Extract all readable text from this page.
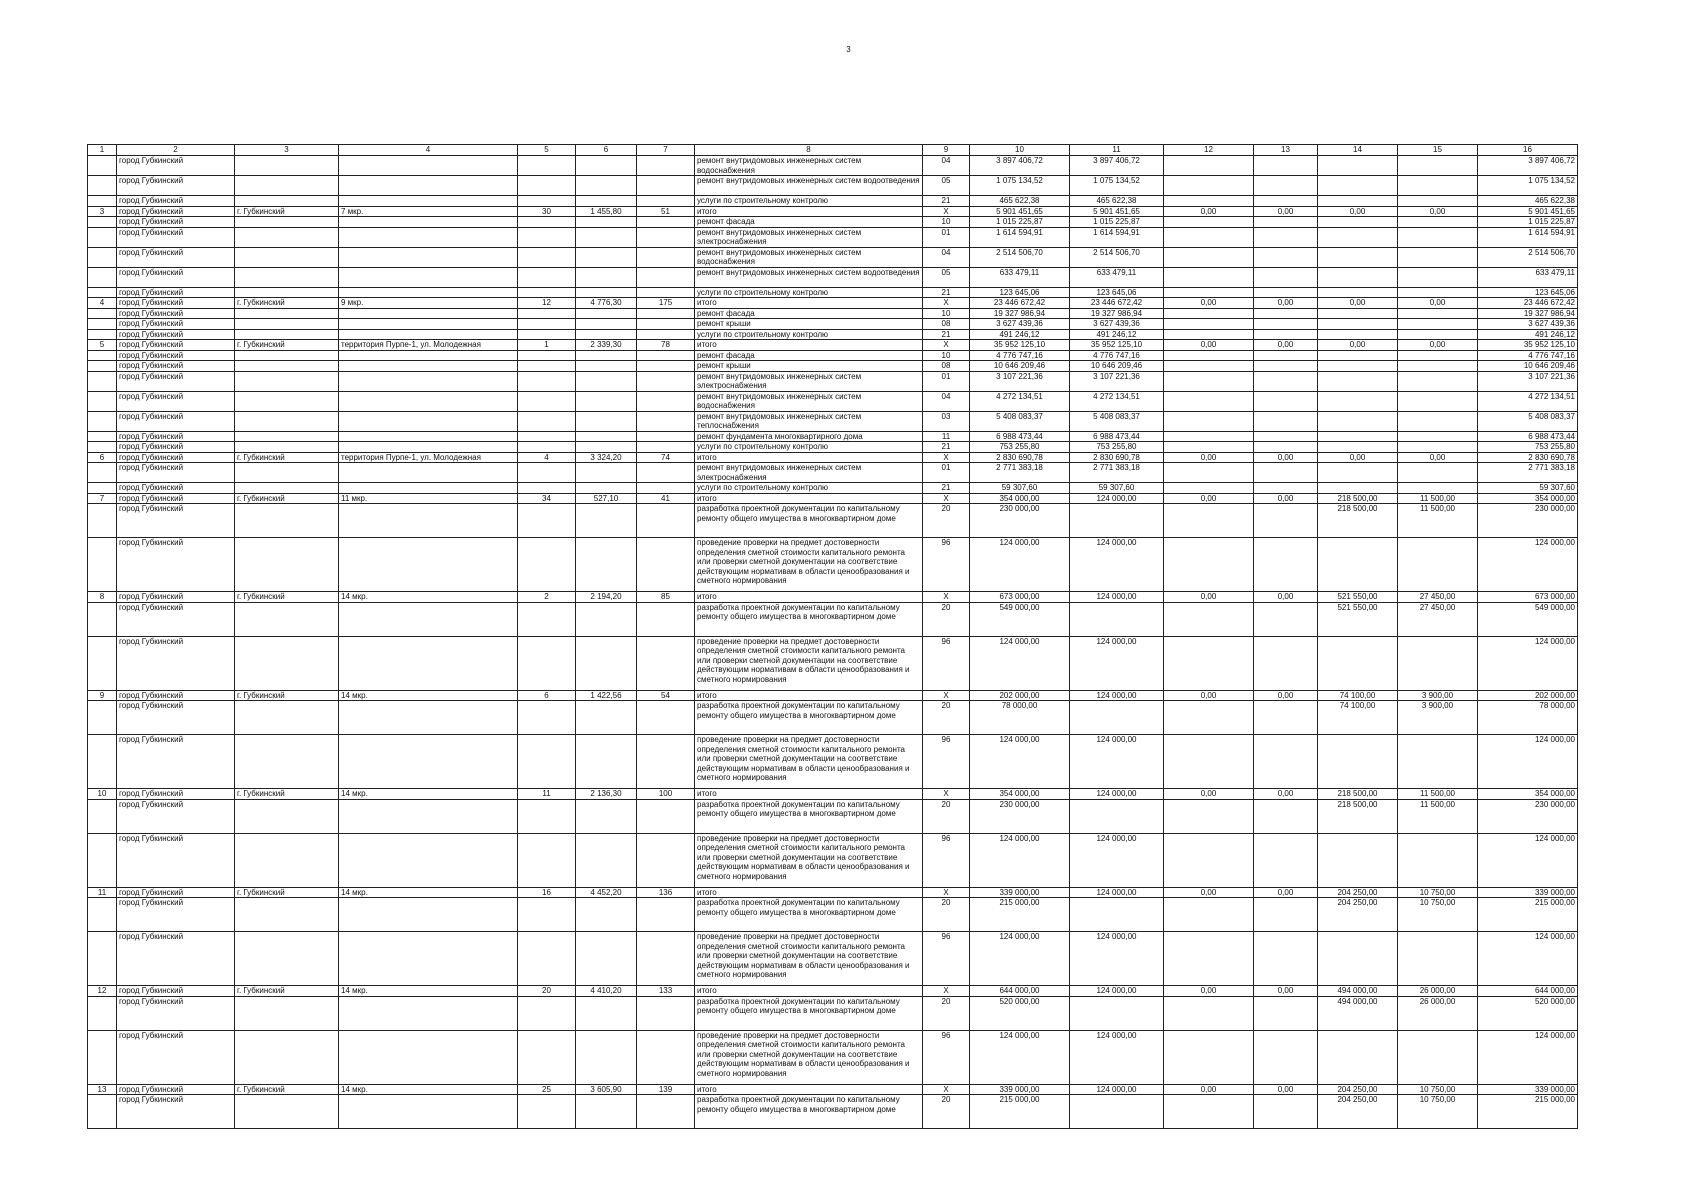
3
1	2	3	4	5	6	7	8	9	10	11	12	13	14	15	16
	город Губкинский						ремонт внутридомовых инженерных систем водоснабжения	04	3 897 406,72	3 897 406,72					3 897 406,72
	город Губкинский						ремонт внутридомовых инженерных систем водоотведения	05	1 075 134,52	1 075 134,52					1 075 134,52
	город Губкинский						услуги по строительному контролю	21	465 622,38	465 622,38					465 622,38
3	город Губкинский	г. Губкинский	7 мкр.	30	1 455,80	51	итого	X	5 901 451,65	5 901 451,65	0,00	0,00	0,00	0,00	5 901 451,65
	город Губкинский						ремонт фасада	10	1 015 225,87	1 015 225,87					1 015 225,87
	город Губкинский						ремонт внутридомовых инженерных систем электроснабжения	01	1 614 594,91	1 614 594,91					1 614 594,91
	город Губкинский						ремонт внутридомовых инженерных систем водоснабжения	04	2 514 506,70	2 514 506,70					2 514 506,70
	город Губкинский						ремонт внутридомовых инженерных систем водоотведения	05	633 479,11	633 479,11					633 479,11
	город Губкинский						услуги по строительному контролю	21	123 645,06	123 645,06					123 645,06
4	город Губкинский	г. Губкинский	9 мкр.	12	4 776,30	175	итого	X	23 446 672,42	23 446 672,42	0,00	0,00	0,00	0,00	23 446 672,42
	город Губкинский						ремонт фасада	10	19 327 986,94	19 327 986,94					19 327 986,94
	город Губкинский						ремонт крыши	08	3 627 439,36	3 627 439,36					3 627 439,36
	город Губкинский						услуги по строительному контролю	21	491 246,12	491 246,12					491 246,12
5	город Губкинский	г. Губкинский	территория Пурпе-1, ул. Молодежная	1	2 339,30	78	итого	X	35 952 125,10	35 952 125,10	0,00	0,00	0,00	0,00	35 952 125,10
	город Губкинский						ремонт фасада	10	4 776 747,16	4 776 747,16					4 776 747,16
	город Губкинский						ремонт крыши	08	10 646 209,46	10 646 209,46					10 646 209,46
	город Губкинский						ремонт внутридомовых инженерных систем электроснабжения	01	3 107 221,36	3 107 221,36					3 107 221,36
	город Губкинский						ремонт внутридомовых инженерных систем водоснабжения	04	4 272 134,51	4 272 134,51					4 272 134,51
	город Губкинский						ремонт внутридомовых инженерных систем теплоснабжения	03	5 408 083,37	5 408 083,37					5 408 083,37
	город Губкинский						ремонт фундамента многоквартирного дома	11	6 988 473,44	6 988 473,44					6 988 473,44
	город Губкинский						услуги по строительному контролю	21	753 255,80	753 255,80					753 255,80
6	город Губкинский	г. Губкинский	территория Пурпе-1, ул. Молодежная	4	3 324,20	74	итого	X	2 830 690,78	2 830 690,78	0,00	0,00	0,00	0,00	2 830 690,78
	город Губкинский						ремонт внутридомовых инженерных систем электроснабжения	01	2 771 383,18	2 771 383,18					2 771 383,18
	город Губкинский						услуги по строительному контролю	21	59 307,60	59 307,60					59 307,60
7	город Губкинский	г. Губкинский	11 мкр.	34	527,10	41	итого	X	354 000,00	124 000,00	0,00	0,00	218 500,00	11 500,00	354 000,00
	город Губкинский						разработка проектной документации по капитальному ремонту общего имущества в многоквартирном доме	20	230 000,00				218 500,00	11 500,00	230 000,00
	город Губкинский						проведение проверки на предмет достоверности определения сметной стоимости капитального ремонта или проверки сметной документации на соответствие действующим нормативам в области ценообразования и сметного нормирования	96	124 000,00	124 000,00					124 000,00
8	город Губкинский	г. Губкинский	14 мкр.	2	2 194,20	85	итого	X	673 000,00	124 000,00	0,00	0,00	521 550,00	27 450,00	673 000,00
	город Губкинский						разработка проектной документации по капитальному ремонту общего имущества в многоквартирном доме	20	549 000,00				521 550,00	27 450,00	549 000,00
	город Губкинский						проведение проверки на предмет достоверности определения сметной стоимости капитального ремонта или проверки сметной документации на соответствие действующим нормативам в области ценообразования и сметного нормирования	96	124 000,00	124 000,00					124 000,00
9	город Губкинский	г. Губкинский	14 мкр.	6	1 422,56	54	итого	X	202 000,00	124 000,00	0,00	0,00	74 100,00	3 900,00	202 000,00
	город Губкинский						разработка проектной документации по капитальному ремонту общего имущества в многоквартирном доме	20	78 000,00				74 100,00	3 900,00	78 000,00
	город Губкинский						проведение проверки на предмет достоверности определения сметной стоимости капитального ремонта или проверки сметной документации на соответствие действующим нормативам в области ценообразования и сметного нормирования	96	124 000,00	124 000,00					124 000,00
10	город Губкинский	г. Губкинский	14 мкр.	11	2 136,30	100	итого	X	354 000,00	124 000,00	0,00	0,00	218 500,00	11 500,00	354 000,00
	город Губкинский						разработка проектной документации по капитальному ремонту общего имущества в многоквартирном доме	20	230 000,00				218 500,00	11 500,00	230 000,00
	город Губкинский						проведение проверки на предмет достоверности определения сметной стоимости капитального ремонта или проверки сметной документации на соответствие действующим нормативам в области ценообразования и сметного нормирования	96	124 000,00	124 000,00					124 000,00
11	город Губкинский	г. Губкинский	14 мкр.	16	4 452,20	136	итого	X	339 000,00	124 000,00	0,00	0,00	204 250,00	10 750,00	339 000,00
	город Губкинский						разработка проектной документации по капитальному ремонту общего имущества в многоквартирном доме	20	215 000,00				204 250,00	10 750,00	215 000,00
	город Губкинский						проведение проверки на предмет достоверности определения сметной стоимости капитального ремонта или проверки сметной документации на соответствие действующим нормативам в области ценообразования и сметного нормирования	96	124 000,00	124 000,00					124 000,00
12	город Губкинский	г. Губкинский	14 мкр.	20	4 410,20	133	итого	X	644 000,00	124 000,00	0,00	0,00	494 000,00	26 000,00	644 000,00
	город Губкинский						разработка проектной документации по капитальному ремонту общего имущества в многоквартирном доме	20	520 000,00				494 000,00	26 000,00	520 000,00
	город Губкинский						проведение проверки на предмет достоверности определения сметной стоимости капитального ремонта или проверки сметной документации на соответствие действующим нормативам в области ценообразования и сметного нормирования	96	124 000,00	124 000,00					124 000,00
13	город Губкинский	г. Губкинский	14 мкр.	25	3 605,90	139	итого	X	339 000,00	124 000,00	0,00	0,00	204 250,00	10 750,00	339 000,00
	город Губкинский						разработка проектной документации по капитальному ремонту общего имущества в многоквартирном доме	20	215 000,00				204 250,00	10 750,00	215 000,00
